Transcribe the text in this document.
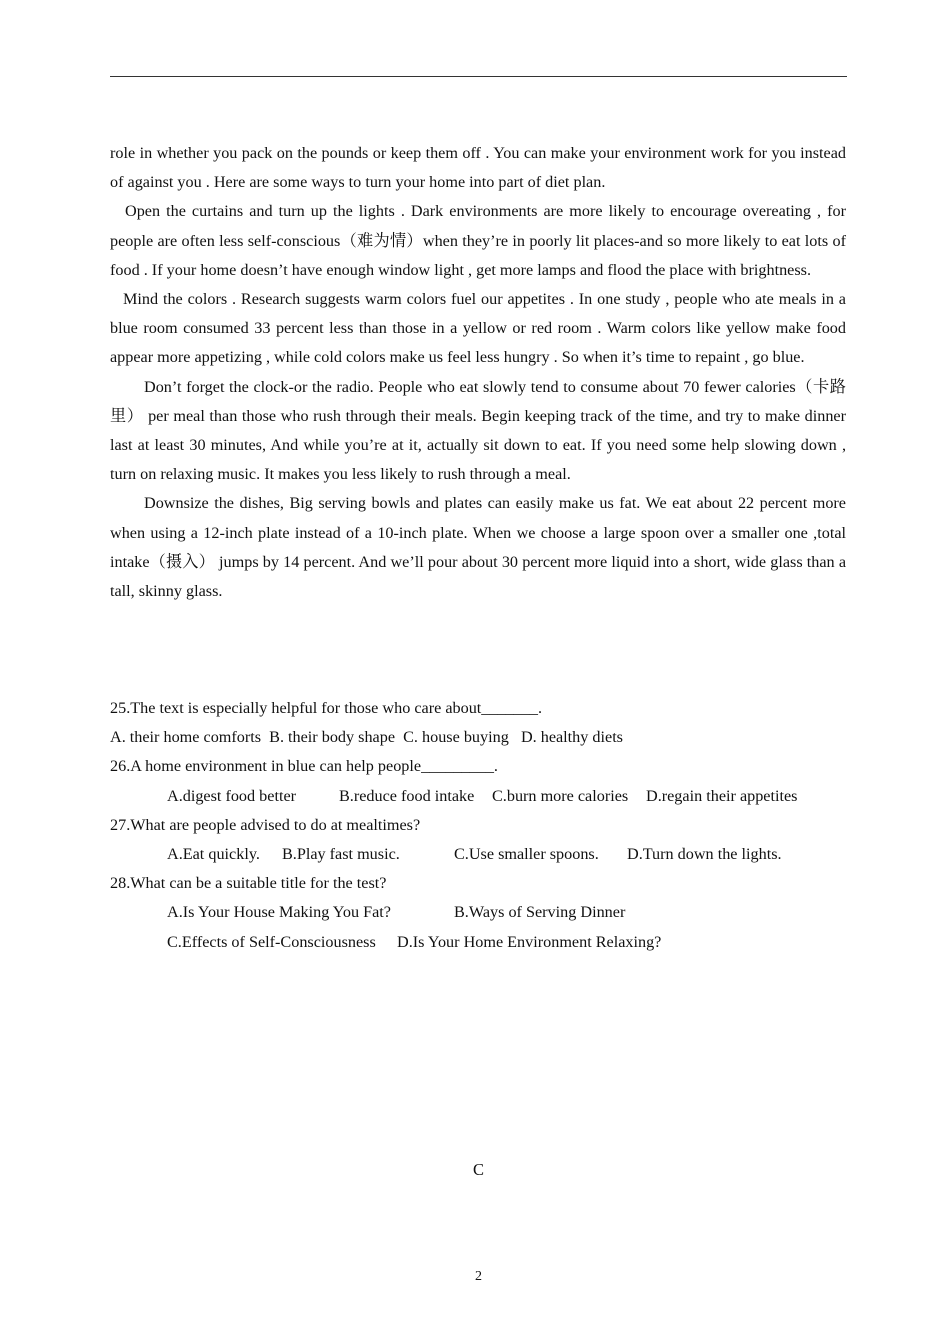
role in whether you pack on the pounds or keep them off . You can make your environment work for you instead of against you . Here are some ways to turn your home into part of diet plan.

Open the curtains and turn up the lights . Dark environments are more likely to encourage overeating , for people are often less self-conscious（难为情）when they’re in poorly lit places-and so more likely to eat lots of food . If your home doesn’t have enough window light , get more lamps and flood the place with brightness.

Mind the colors . Research suggests warm colors fuel our appetites . In one study , people who ate meals in a blue room consumed 33 percent less than those in a yellow or red room . Warm colors like yellow make food appear more appetizing , while cold colors make us feel less hungry . So when it’s time to repaint , go blue.

Don’t forget the clock-or the radio. People who eat slowly tend to consume about 70 fewer calories（卡路里） per meal than those who rush through their meals. Begin keeping track of the time, and try to make dinner last at least 30 minutes, And while you’re at it, actually sit down to eat. If you need some help slowing down , turn on relaxing music. It makes you less likely to rush through a meal.

Downsize the dishes, Big serving bowls and plates can easily make us fat. We eat about 22 percent more when using a 12-inch plate instead of a 10-inch plate. When we choose a large spoon over a smaller one ,total intake（摄入） jumps by 14 percent. And we’ll pour about 30 percent more liquid into a short, wide glass than a tall, skinny glass.

25.The text is especially helpful for those who care about_______.

A. their home comforts B. their body shape C. house buying D. healthy diets

26.A home environment in blue can help people_________.

A.digest food better	B.reduce food intake C.burn more calories D.regain their appetites

27.What are people advised to do at mealtimes?

A.Eat quickly. B.Play fast music.	C.Use smaller spoons. D.Turn down the lights.

28.What can be a suitable title for the test?

A.Is Your House Making You Fat?	B.Ways of Serving Dinner

C.Effects of Self-Consciousness D.Is Your Home Environment Relaxing?

C
2
